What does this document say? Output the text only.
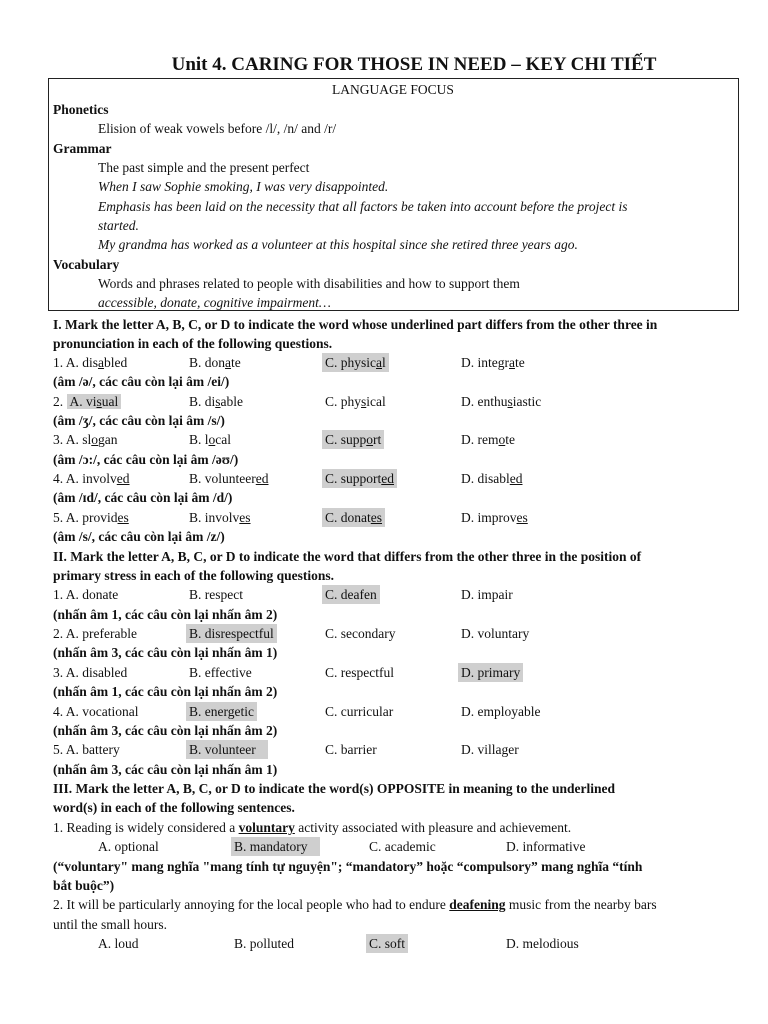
Unit 4. CARING FOR THOSE IN NEED – KEY CHI TIẾT
LANGUAGE FOCUS
Phonetics
Elision of weak vowels before /l/, /n/ and /r/
Grammar
The past simple and the present perfect
When I saw Sophie smoking, I was very disappointed.
Emphasis has been laid on the necessity that all factors be taken into account before the project is
started.
My grandma has worked as a volunteer at this hospital since she retired three years ago.
Vocabulary
Words and phrases related to people with disabilities and how to support them
accessible, donate, cognitive impairment…
I. Mark the letter A, B, C, or D to indicate the word whose underlined part differs from the other three in
pronunciation in each of the following questions.
1. A. disabled	B. donate	C. physical	D. integrate
(âm /ə/, các câu còn lại âm /ei/)
2. A. visual	B. disable	C. physical	D. enthusiastic
(âm /ʒ/, các câu còn lại âm /s/)
3. A. slogan	B. local	C. support	D. remote
(âm /ɔ:/, các câu còn lại âm /əʊ/)
4. A. involved	B. volunteered	C. supported	D. disabled
(âm /ɪd/, các câu còn lại âm /d/)
5. A. provides	B. involves	C. donates	D. improves
(âm /s/, các câu còn lại âm /z/)
II. Mark the letter A, B, C, or D to indicate the word that differs from the other three in the position of
primary stress in each of the following questions.
1. A. donate	B. respect	C. deafen	D. impair
(nhấn âm 1, các câu còn lại nhấn âm 2)
2. A. preferable	B. disrespectful	C. secondary	D. voluntary
(nhấn âm 3, các câu còn lại nhấn âm 1)
3. A. disabled	B. effective	C. respectful	D. primary
(nhấn âm 1, các câu còn lại nhấn âm 2)
4. A. vocational	B. energetic	C. curricular	D. employable
(nhấn âm 3, các câu còn lại nhấn âm 2)
5. A. battery	B. volunteer	C. barrier	D. villager
(nhấn âm 3, các câu còn lại nhấn âm 1)
III. Mark the letter A, B, C, or D to indicate the word(s) OPPOSITE in meaning to the underlined
word(s) in each of the following sentences.
1. Reading is widely considered a voluntary activity associated with pleasure and achievement.
A. optional	B. mandatory	C. academic	D. informative
(“voluntary" mang nghĩa "mang tính tự nguyện"; “mandatory” hoặc “compulsory” mang nghĩa “tính
bắt buộc”)
2. It will be particularly annoying for the local people who had to endure deafening music from the nearby bars
until the small hours.
A. loud	B. polluted	C. soft	D. melodious
